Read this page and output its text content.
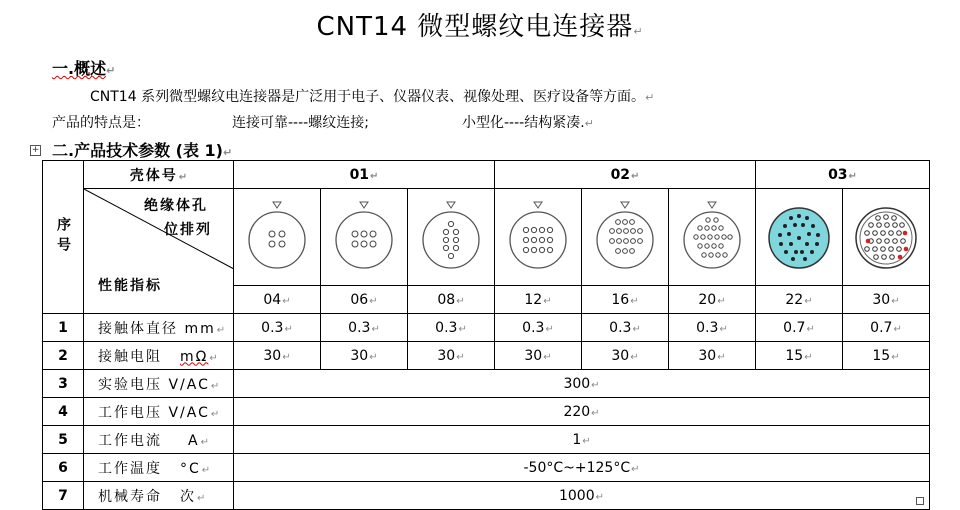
CNT14 微型螺纹电连接器↵
一.概述↵
CNT14 系列微型螺纹电连接器是广泛用于电子、仪器仪表、视像处理、医疗设备等方面。↵
产品的特点是：	连接可靠----螺纹连接;	小型化----结构紧凑.↵
+ 二.产品技术参数 (表 1)↵
序号	壳体号 ↵	01 ↵			02 ↵			03 ↵

	绝缘体孔
位排列
性能指标

		04 ↵	06 ↵	08 ↵	12 ↵	16 ↵	20 ↵	22 ↵	30 ↵
1	接触体直径 mm ↵	0.3 ↵	0.3 ↵	0.3 ↵	0.3 ↵	0.3 ↵	0.3 ↵	0.7 ↵	0.7 ↵
2	接触电阻 mΩ ↵	30 ↵	30 ↵	30 ↵	30 ↵	30 ↵	30 ↵	15 ↵	15 ↵
3	实验电压 V/AC ↵	300 ↵
4	工作电压 V/AC ↵	220 ↵
5	工作电流 A ↵	1 ↵
6	工作温度 °C ↵	-50°C~+125°C ↵
7	机械寿命 次 ↵	1000 ↵
